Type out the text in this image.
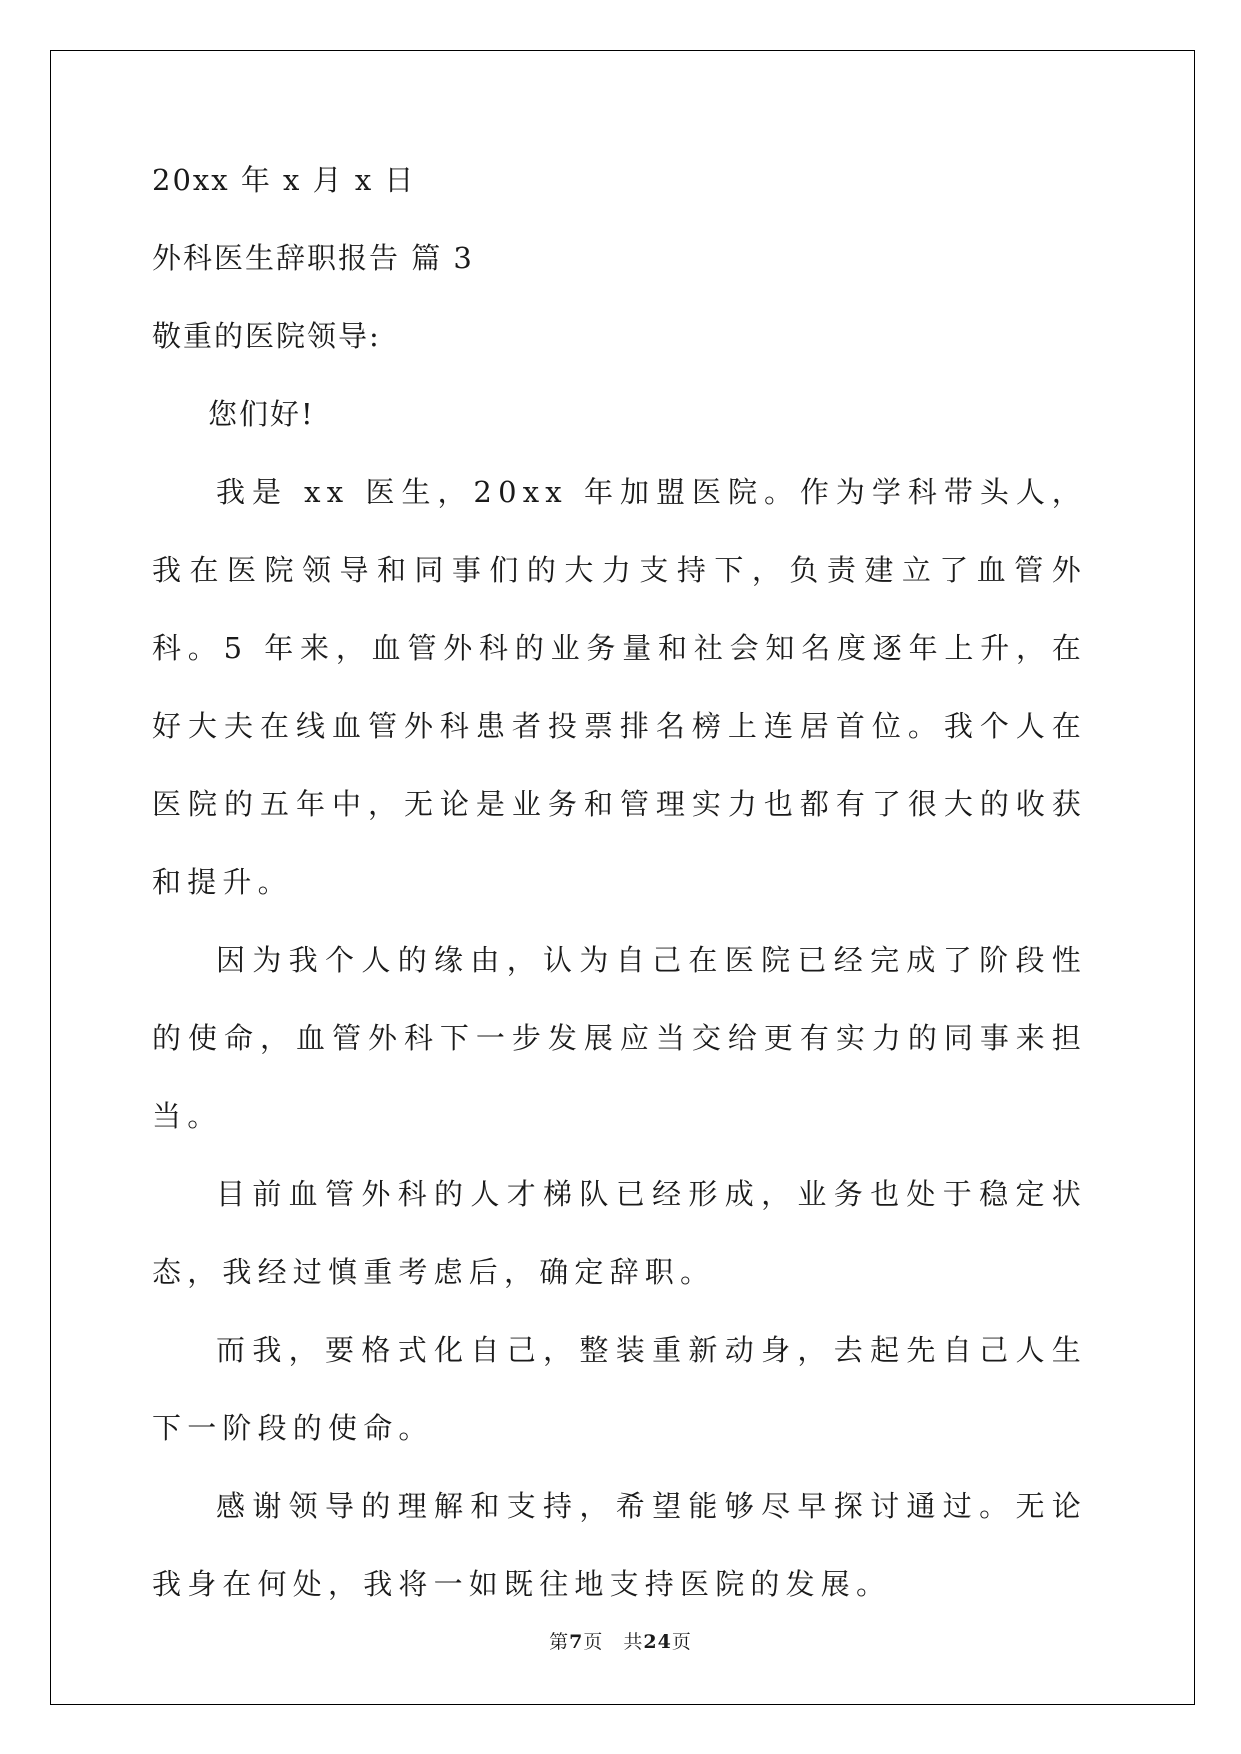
20xx 年 x 月 x 日

外科医生辞职报告 篇 3

敬重的医院领导:

您们好!

我是 xx 医生，20xx 年加盟医院。作为学科带头人，我在医院领导和同事们的大力支持下，负责建立了血管外科。5 年来，血管外科的业务量和社会知名度逐年上升，在好大夫在线血管外科患者投票排名榜上连居首位。我个人在医院的五年中，无论是业务和管理实力也都有了很大的收获和提升。

因为我个人的缘由，认为自己在医院已经完成了阶段性的使命，血管外科下一步发展应当交给更有实力的同事来担当。

目前血管外科的人才梯队已经形成，业务也处于稳定状态，我经过慎重考虑后，确定辞职。

而我，要格式化自己，整装重新动身，去起先自己人生下一阶段的使命。

感谢领导的理解和支持，希望能够尽早探讨通过。无论我身在何处，我将一如既往地支持医院的发展。

第7页　共24页
